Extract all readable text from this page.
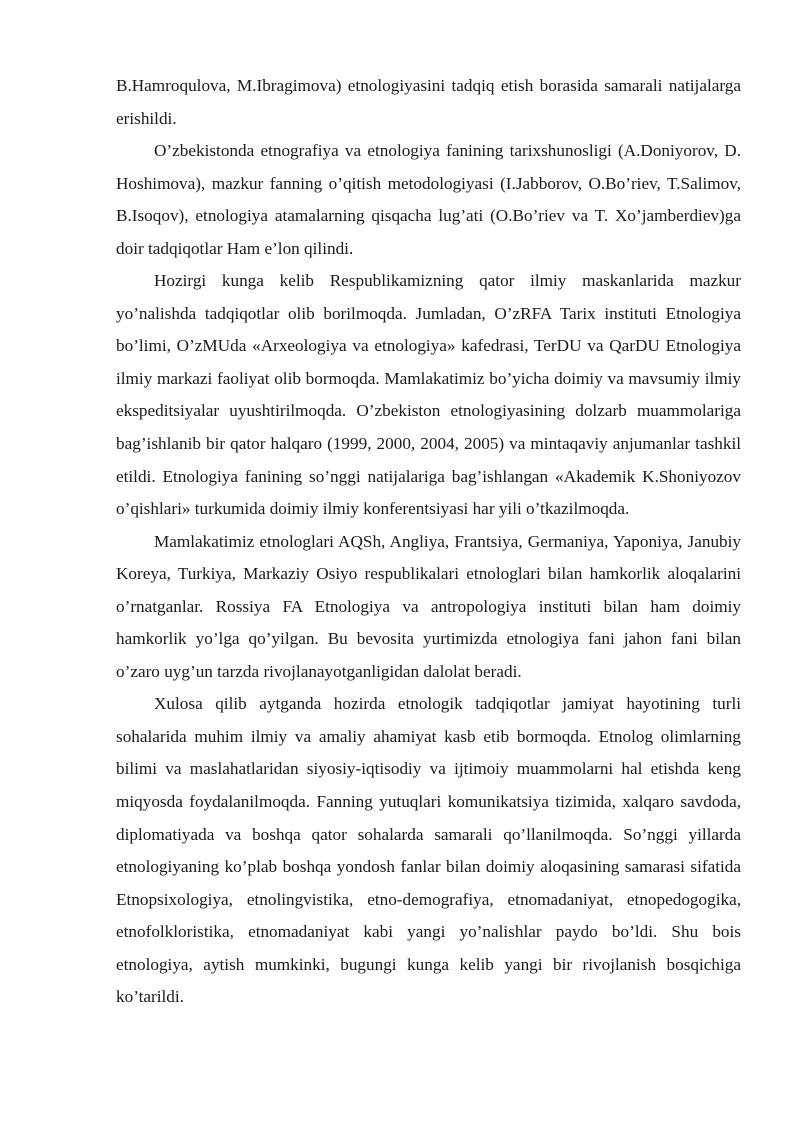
B.Hamroqulova, M.Ibragimova) etnologiyasini tadqiq etish borasida samarali natijalarga erishildi.

O’zbekistonda etnografiya va etnologiya fanining tarixshunosligi (A.Doniyorov, D. Hoshimova), mazkur fanning o’qitish metodologiyasi (I.Jabborov, O.Bo’riev, T.Salimov, B.Isoqov), etnologiya atamalarning qisqacha lug’ati (O.Bo’riev va T. Xo’jamberdiev)ga doir tadqiqotlar Ham e’lon qilindi.

Hozirgi kunga kelib Respublikamizning qator ilmiy maskanlarida mazkur yo’nalishda tadqiqotlar olib borilmoqda. Jumladan, O’zRFA Tarix instituti Etnologiya bo’limi, O’zMUda «Arxeologiya va etnologiya» kafedrasi, TerDU va QarDU Etnologiya ilmiy markazi faoliyat olib bormoqda. Mamlakatimiz bo’yicha doimiy va mavsumiy ilmiy ekspeditsiyalar uyushtirilmoqda. O’zbekiston etnologiyasining dolzarb muammolariga bag’ishlanib bir qator halqaro (1999, 2000, 2004, 2005) va mintaqaviy anjumanlar tashkil etildi. Etnologiya fanining so’nggi natijalariga bag’ishlangan «Akademik K.Shoniyozov o’qishlari» turkumida doimiy ilmiy konferentsiyasi har yili o’tkazilmoqda.

Mamlakatimiz etnologlari AQSh, Angliya, Frantsiya, Germaniya, Yaponiya, Janubiy Koreya, Turkiya, Markaziy Osiyo respublikalari etnologlari bilan hamkorlik aloqalarini o’rnatganlar. Rossiya FA Etnologiya va antropologiya instituti bilan ham doimiy hamkorlik yo’lga qo’yilgan. Bu bevosita yurtimizda etnologiya fani jahon fani bilan o’zaro uyg’un tarzda rivojlanayotganligidan dalolat beradi.

Xulosa qilib aytganda hozirda etnologik tadqiqotlar jamiyat hayotining turli sohalarida muhim ilmiy va amaliy ahamiyat kasb etib bormoqda. Etnolog olimlarning bilimi va maslahatlaridan siyosiy-iqtisodiy va ijtimoiy muammolarni hal etishda keng miqyosda foydalanilmoqda. Fanning yutuqlari komunikatsiya tizimida, xalqaro savdoda, diplomatiyada va boshqa qator sohalarda samarali qo’llanilmoqda. So’nggi yillarda etnologiyaning ko’plab boshqa yondosh fanlar bilan doimiy aloqasining samarasi sifatida Etnopsixologiya, etnolingvistika, etno-demografiya, etnomadaniyat, etnopedogogika, etnofolkloristika, etnomadaniyat kabi yangi yo’nalishlar paydo bo’ldi. Shu bois etnologiya, aytish mumkinki, bugungi kunga kelib yangi bir rivojlanish bosqichiga ko’tarildi.
